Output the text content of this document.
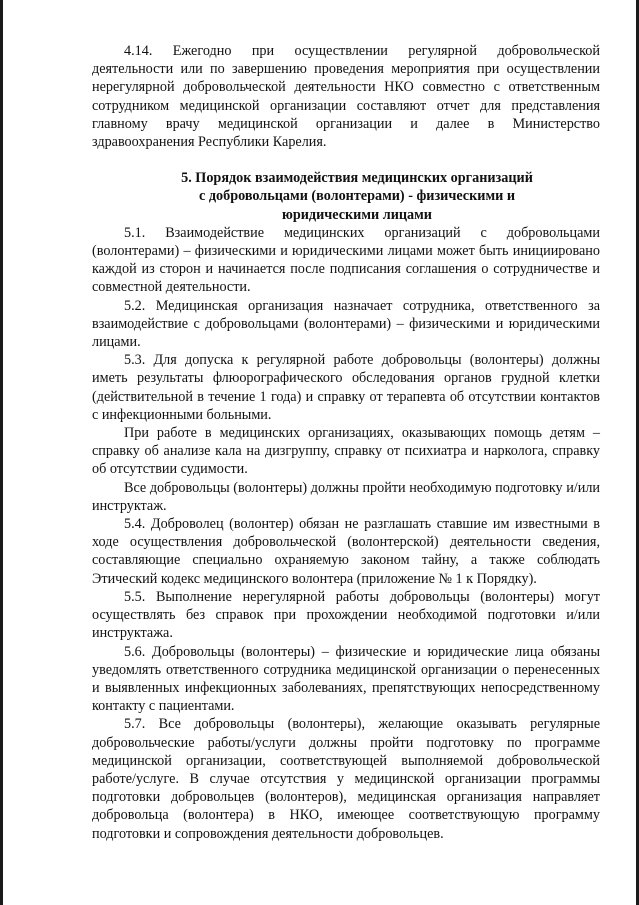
4.14. Ежегодно при осуществлении регулярной добровольческой деятельности или по завершению проведения мероприятия при осуществлении нерегулярной добровольческой деятельности НКО совместно с ответственным сотрудником медицинской организации составляют отчет для представления главному врачу медицинской организации и далее в Министерство здравоохранения Республики Карелия.

5. Порядок взаимодействия медицинских организаций
с добровольцами (волонтерами) - физическими и
юридическими лицами

5.1. Взаимодействие медицинских организаций с добровольцами (волонтерами) – физическими и юридическими лицами может быть инициировано каждой из сторон и начинается после подписания соглашения о сотрудничестве и совместной деятельности.

5.2. Медицинская организация назначает сотрудника, ответственного за взаимодействие с добровольцами (волонтерами) – физическими и юридическими лицами.

5.3. Для допуска к регулярной работе добровольцы (волонтеры) должны иметь результаты флюорографического обследования органов грудной клетки (действительной в течение 1 года) и справку от терапевта об отсутствии контактов с инфекционными больными.

При работе в медицинских организациях, оказывающих помощь детям – справку об анализе кала на дизгруппу, справку от психиатра и нарколога, справку об отсутствии судимости.

Все добровольцы (волонтеры) должны пройти необходимую подготовку и/или инструктаж.

5.4. Доброволец (волонтер) обязан не разглашать ставшие им известными в ходе осуществления добровольческой (волонтерской) деятельности сведения, составляющие специально охраняемую законом тайну, а также соблюдать Этический кодекс медицинского волонтера (приложение № 1 к Порядку).

5.5. Выполнение нерегулярной работы добровольцы (волонтеры) могут осуществлять без справок при прохождении необходимой подготовки и/или инструктажа.

5.6. Добровольцы (волонтеры) – физические и юридические лица обязаны уведомлять ответственного сотрудника медицинской организации о перенесенных и выявленных инфекционных заболеваниях, препятствующих непосредственному контакту с пациентами.

5.7. Все добровольцы (волонтеры), желающие оказывать регулярные добровольческие работы/услуги должны пройти подготовку по программе медицинской организации, соответствующей выполняемой добровольческой работе/услуге. В случае отсутствия у медицинской организации программы подготовки добровольцев (волонтеров), медицинская организация направляет добровольца (волонтера) в НКО, имеющее соответствующую программу подготовки и сопровождения деятельности добровольцев.
